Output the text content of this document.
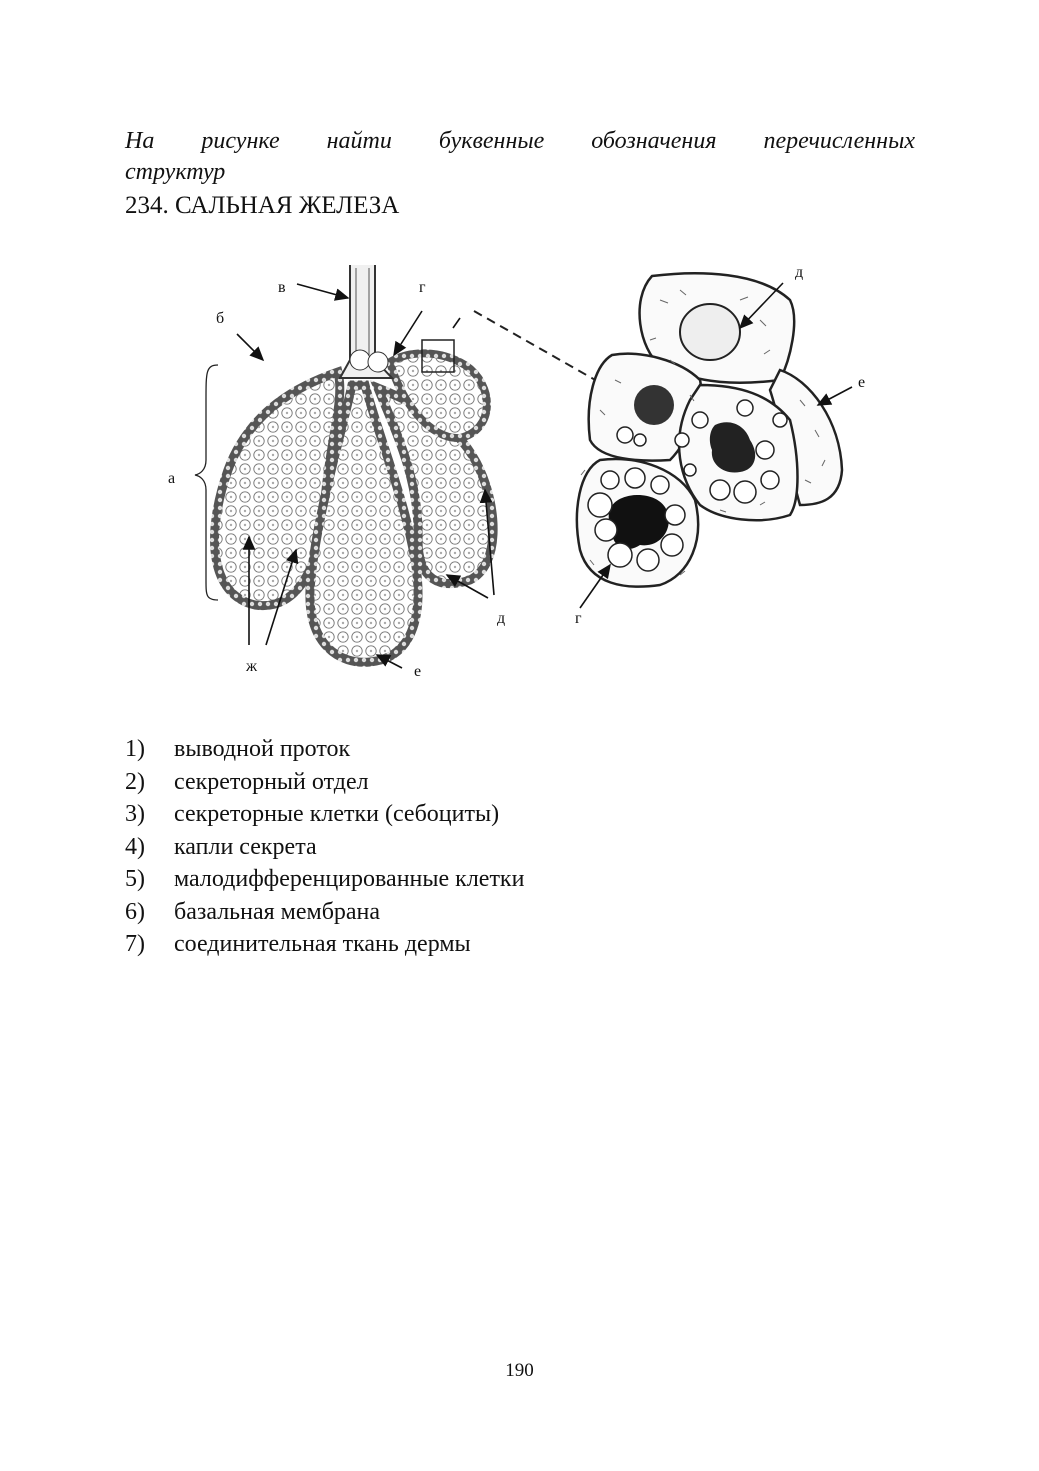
На рисунке найти буквенные обозначения перечисленных
структур
234. САЛЬНАЯ ЖЕЛЕЗА
а
б
в	г
д
е
ж
д
е
г
1) выводной проток
2) секреторный отдел
3) секреторные клетки (себоциты)
4) капли секрета
5) малодифференцированные клетки
6) базальная мембрана
7) соединительная ткань дермы
190
